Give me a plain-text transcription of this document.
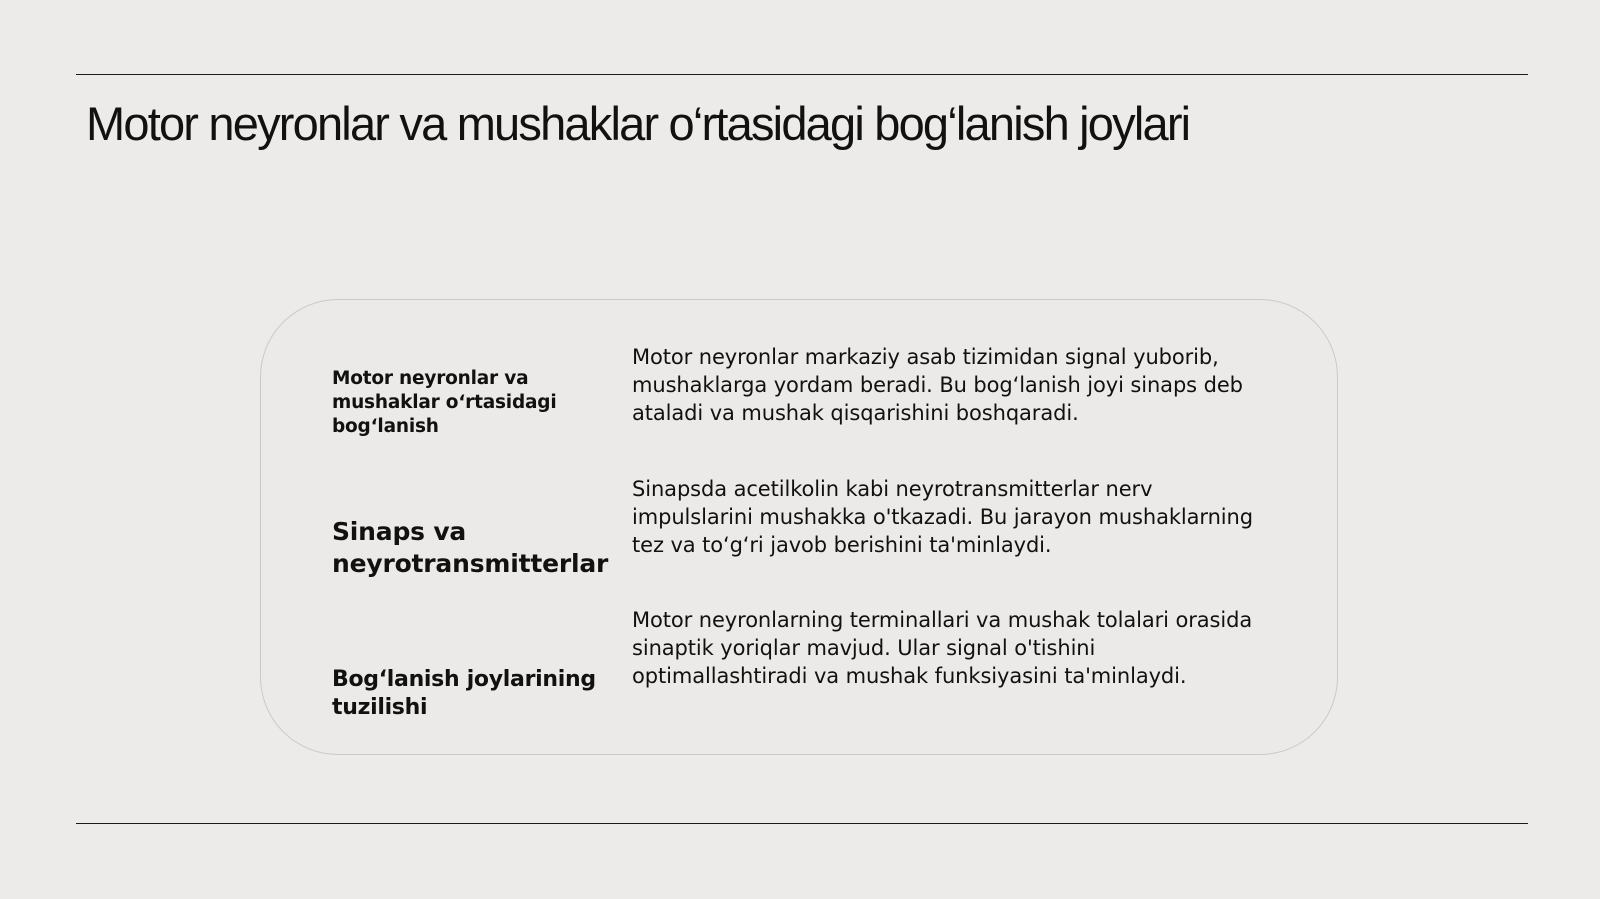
Motor neyronlar va mushaklar o‘rtasidagi bog‘lanish joylari

Motor neyronlar va
mushaklar o‘rtasidagi
bog‘lanish

Motor neyronlar markaziy asab tizimidan signal yuborib,
mushaklarga yordam beradi. Bu bog‘lanish joyi sinaps deb
ataladi va mushak qisqarishini boshqaradi.

Sinaps va
neyrotransmitterlar

Sinapsda acetilkolin kabi neyrotransmitterlar nerv
impulslarini mushakka o'tkazadi. Bu jarayon mushaklarning
tez va to‘g‘ri javob berishini ta'minlaydi.

Bog‘lanish joylarining
tuzilishi

Motor neyronlarning terminallari va mushak tolalari orasida
sinaptik yoriqlar mavjud. Ular signal o'tishini
optimallashtiradi va mushak funksiyasini ta'minlaydi.
